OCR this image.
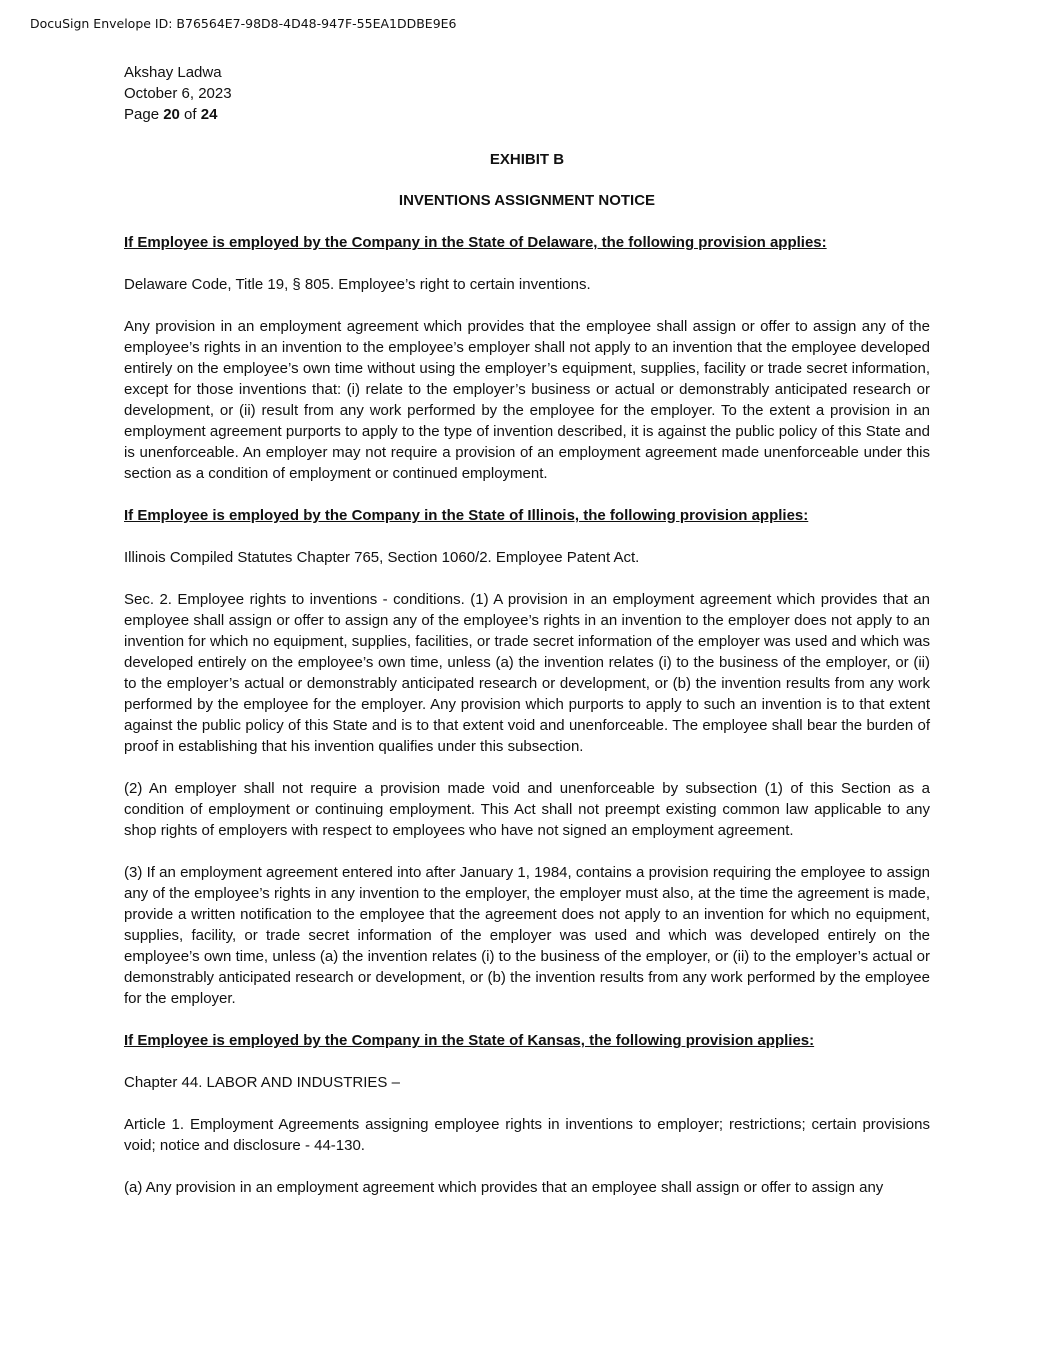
DocuSign Envelope ID: B76564E7-98D8-4D48-947F-55EA1DDBE9E6
Akshay Ladwa
October 6, 2023
Page 20 of 24
EXHIBIT B
INVENTIONS ASSIGNMENT NOTICE
If Employee is employed by the Company in the State of Delaware, the following provision applies:

Delaware Code, Title 19, § 805. Employee’s right to certain inventions.

Any provision in an employment agreement which provides that the employee shall assign or offer to assign any of the employee’s rights in an invention to the employee’s employer shall not apply to an invention that the employee developed entirely on the employee’s own time without using the employer’s equipment, supplies, facility or trade secret information, except for those inventions that: (i) relate to the employer’s business or actual or demonstrably anticipated research or development, or (ii) result from any work performed by the employee for the employer. To the extent a provision in an employment agreement purports to apply to the type of invention described, it is against the public policy of this State and is unenforceable. An employer may not require a provision of an employment agreement made unenforceable under this section as a condition of employment or continued employment.

If Employee is employed by the Company in the State of Illinois, the following provision applies:

Illinois Compiled Statutes Chapter 765, Section 1060/2. Employee Patent Act.

Sec. 2. Employee rights to inventions - conditions. (1) A provision in an employment agreement which provides that an employee shall assign or offer to assign any of the employee’s rights in an invention to the employer does not apply to an invention for which no equipment, supplies, facilities, or trade secret information of the employer was used and which was developed entirely on the employee’s own time, unless (a) the invention relates (i) to the business of the employer, or (ii) to the employer’s actual or demonstrably anticipated research or development, or (b) the invention results from any work performed by the employee for the employer. Any provision which purports to apply to such an invention is to that extent against the public policy of this State and is to that extent void and unenforceable. The employee shall bear the burden of proof in establishing that his invention qualifies under this subsection.

(2) An employer shall not require a provision made void and unenforceable by subsection (1) of this Section as a condition of employment or continuing employment. This Act shall not preempt existing common law applicable to any shop rights of employers with respect to employees who have not signed an employment agreement.

(3) If an employment agreement entered into after January 1, 1984, contains a provision requiring the employee to assign any of the employee’s rights in any invention to the employer, the employer must also, at the time the agreement is made, provide a written notification to the employee that the agreement does not apply to an invention for which no equipment, supplies, facility, or trade secret information of the employer was used and which was developed entirely on the employee’s own time, unless (a) the invention relates (i) to the business of the employer, or (ii) to the employer’s actual or demonstrably anticipated research or development, or (b) the invention results from any work performed by the employee for the employer.

If Employee is employed by the Company in the State of Kansas, the following provision applies:

Chapter 44. LABOR AND INDUSTRIES –

Article 1. Employment Agreements assigning employee rights in inventions to employer; restrictions; certain provisions void; notice and disclosure - 44-130.

(a) Any provision in an employment agreement which provides that an employee shall assign or offer to assign any
